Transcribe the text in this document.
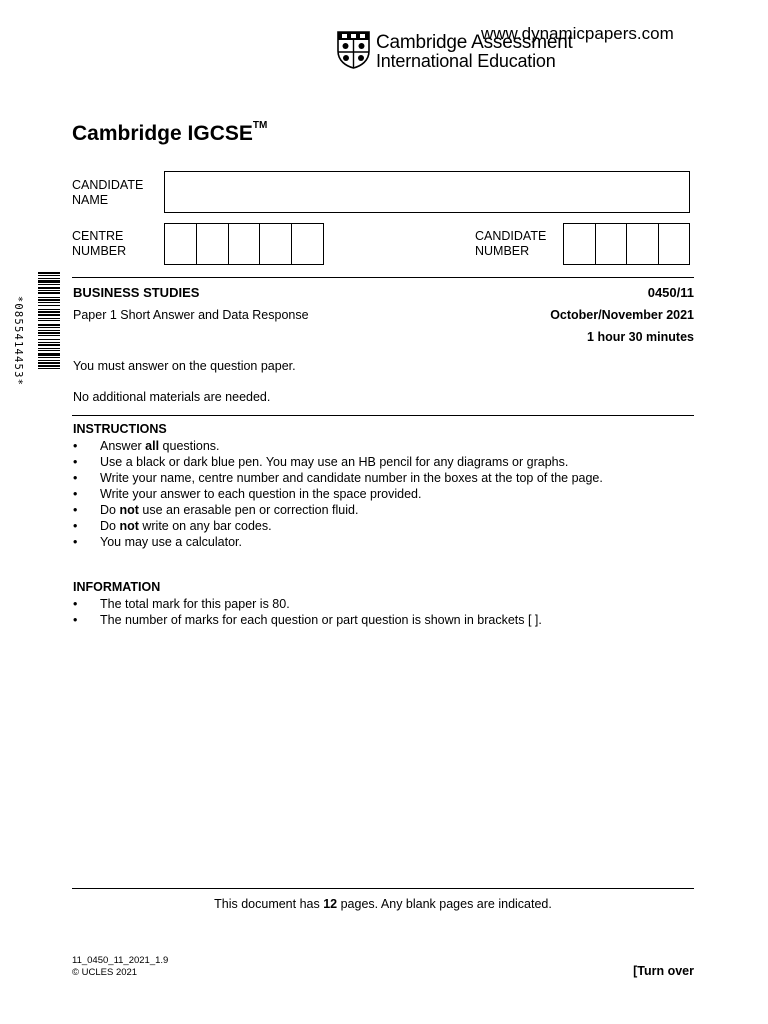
Cambridge Assessment
International Education
www.dynamicpapers.com
Cambridge IGCSE™
CANDIDATE
NAME
CENTRE
NUMBER
CANDIDATE
NUMBER
*0855414453*
BUSINESS STUDIES	0450/11
Paper 1 Short Answer and Data Response	October/November 2021
1 hour 30 minutes
You must answer on the question paper.
No additional materials are needed.
INSTRUCTIONS
• Answer all questions.
• Use a black or dark blue pen. You may use an HB pencil for any diagrams or graphs.
• Write your name, centre number and candidate number in the boxes at the top of the page.
• Write your answer to each question in the space provided.
• Do not use an erasable pen or correction fluid.
• Do not write on any bar codes.
• You may use a calculator.
INFORMATION
• The total mark for this paper is 80.
• The number of marks for each question or part question is shown in brackets [ ].
This document has 12 pages. Any blank pages are indicated.
11_0450_11_2021_1.9
© UCLES 2021	[Turn over
